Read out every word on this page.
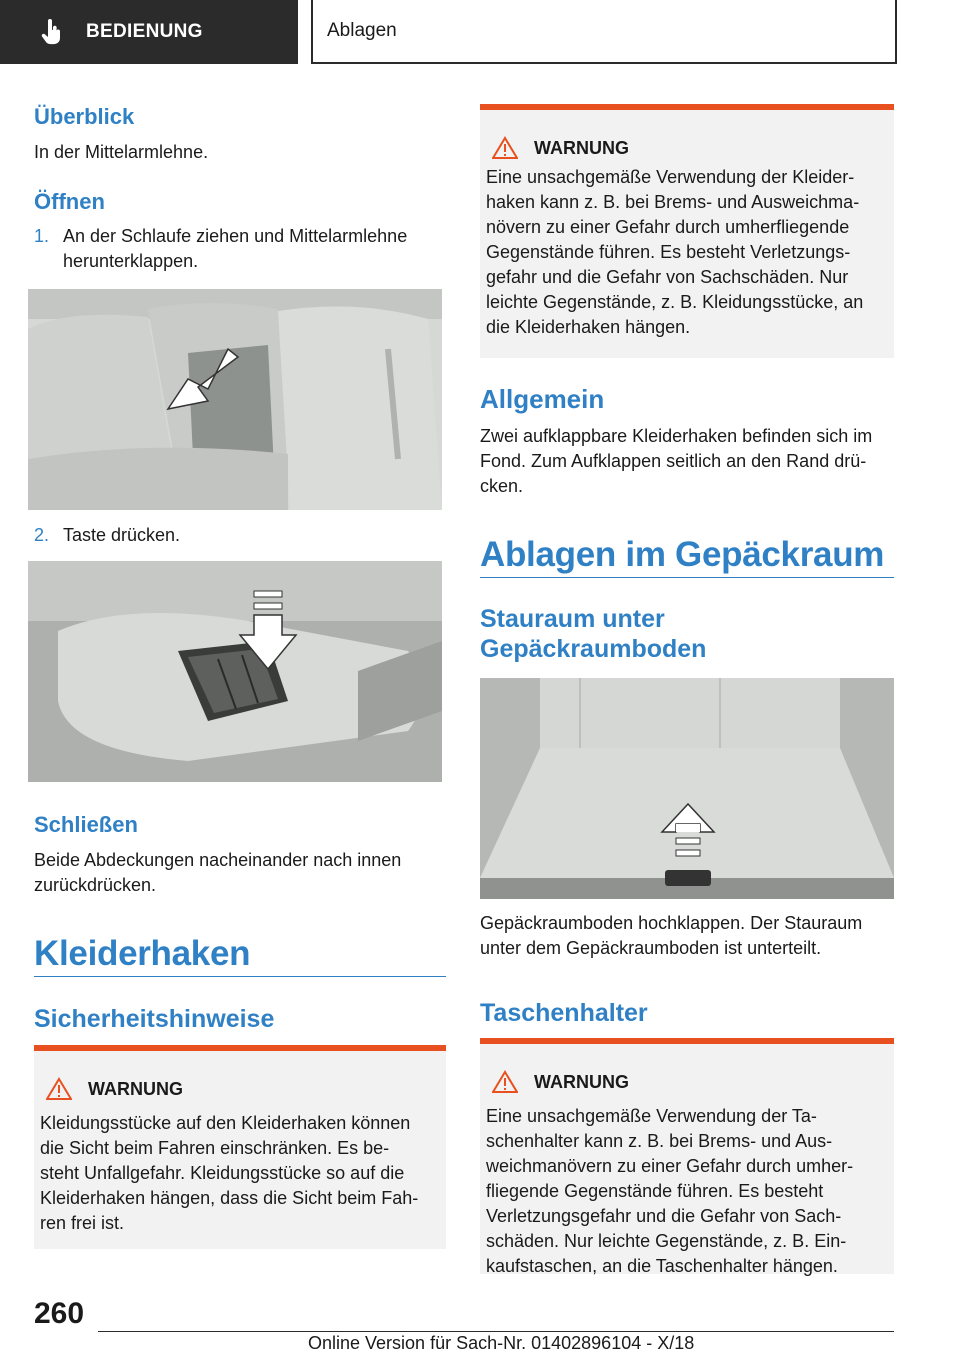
BEDIENUNG	Ablagen
Überblick
In der Mittelarmlehne.
Öffnen
1. An der Schlaufe ziehen und Mittelarmlehne
herunterklappen.
2. Taste drücken.
Schließen
Beide Abdeckungen nacheinander nach innen
zurückdrücken.
Kleiderhaken
Sicherheitshinweise
WARNUNG
Kleidungsstücke auf den Kleiderhaken können
die Sicht beim Fahren einschränken. Es be-
steht Unfallgefahr. Kleidungsstücke so auf die
Kleiderhaken hängen, dass die Sicht beim Fah-
ren frei ist.
WARNUNG
Eine unsachgemäße Verwendung der Kleider-
haken kann z. B. bei Brems- und Ausweichma-
növern zu einer Gefahr durch umherfliegende
Gegenstände führen. Es besteht Verletzungs-
gefahr und die Gefahr von Sachschäden. Nur
leichte Gegenstände, z. B. Kleidungsstücke, an
die Kleiderhaken hängen.
Allgemein
Zwei aufklappbare Kleiderhaken befinden sich im
Fond. Zum Aufklappen seitlich an den Rand drü-
cken.
Ablagen im Gepäckraum
Stauraum unter
Gepäckraumboden
Gepäckraumboden hochklappen. Der Stauraum
unter dem Gepäckraumboden ist unterteilt.
Taschenhalter
WARNUNG
Eine unsachgemäße Verwendung der Ta-
schenhalter kann z. B. bei Brems- und Aus-
weichmanövern zu einer Gefahr durch umher-
fliegende Gegenstände führen. Es besteht
Verletzungsgefahr und die Gefahr von Sach-
schäden. Nur leichte Gegenstände, z. B. Ein-
kaufstaschen, an die Taschenhalter hängen.
260
Online Version für Sach-Nr. 01402896104 - X/18
